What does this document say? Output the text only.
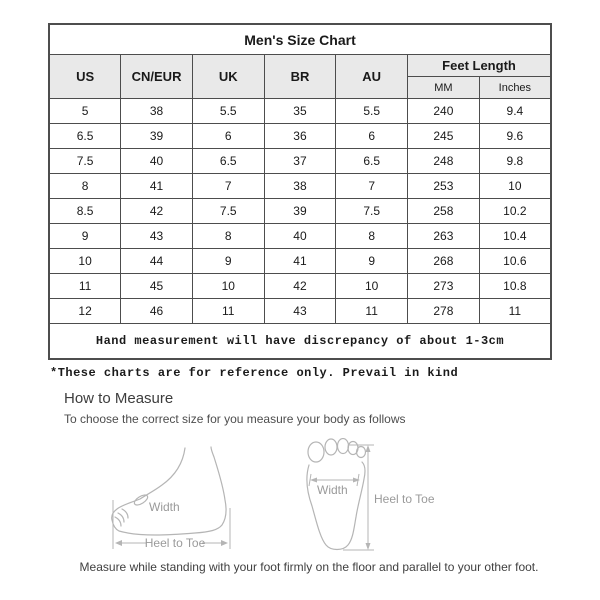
Men's Size Chart						
US	CN/EUR	UK	BR	AU	Feet Length	
					MM	Inches
5	38	5.5	35	5.5	240	9.4
6.5	39	6	36	6	245	9.6
7.5	40	6.5	37	6.5	248	9.8
8	41	7	38	7	253	10
8.5	42	7.5	39	7.5	258	10.2
9	43	8	40	8	263	10.4
10	44	9	41	9	268	10.6
11	45	10	42	10	273	10.8
12	46	11	43	11	278	11
Hand measurement will have discrepancy of about 1-3cm						
*These charts are for reference only. Prevail in kind
How to Measure
To choose the correct size for you measure your body as follows
Width
Heel to Toe
Width
Heel to Toe
Measure while standing with your foot firmly on the floor and parallel to your other foot.
